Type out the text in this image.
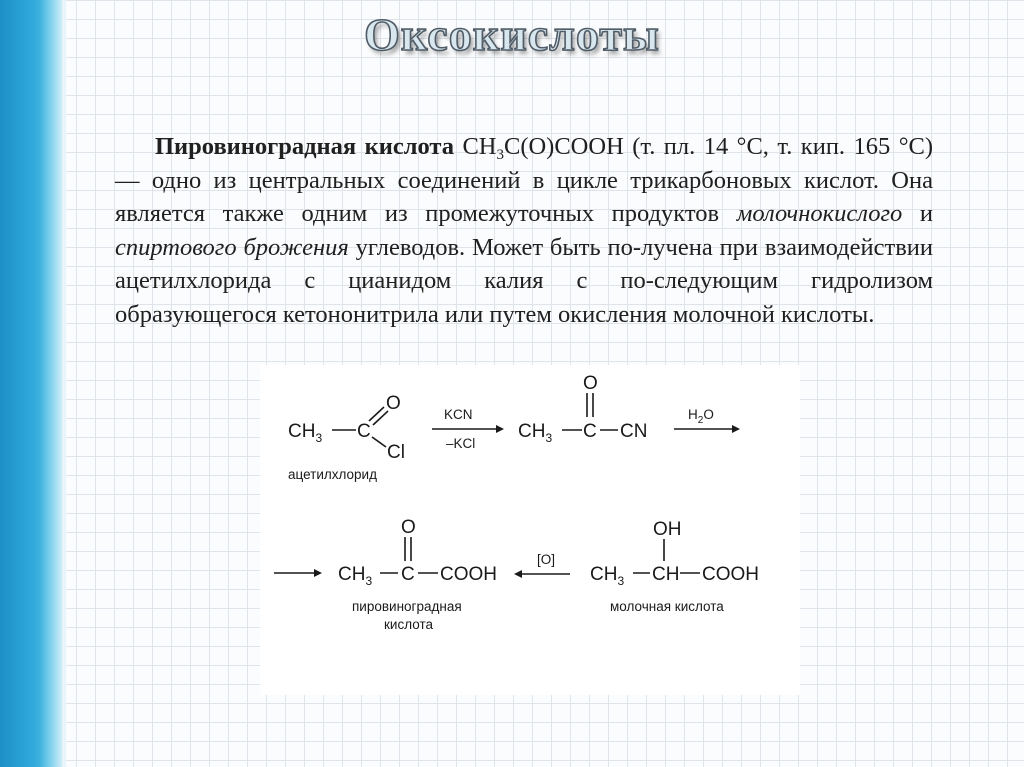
Оксокислоты

Пировиноградная кислота $CH_3C(O)COOH$ (т. пл. 14 °С, т. кип. 165 °С) — одно из центральных соединений в цикле трикарбоновых кислот. Она является также одним из промежуточных продуктов молочнокислого и спиртового брожения углеводов. Может быть по-лучена при взаимодействии ацетилхлорида с цианидом калия с по-следующим гидролизом образующегося кетононитрила или путем окисления молочной кислоты.

$CH_3$ C
O
Cl
ацетилхлорид
KCN
–KCl
$CH_3$ C
O
CN
$H_2O$
$CH_3$ C
O
COOH
пировиноградная
кислота
[O]
$CH_3$ CH
OH
COOH
молочная кислота
